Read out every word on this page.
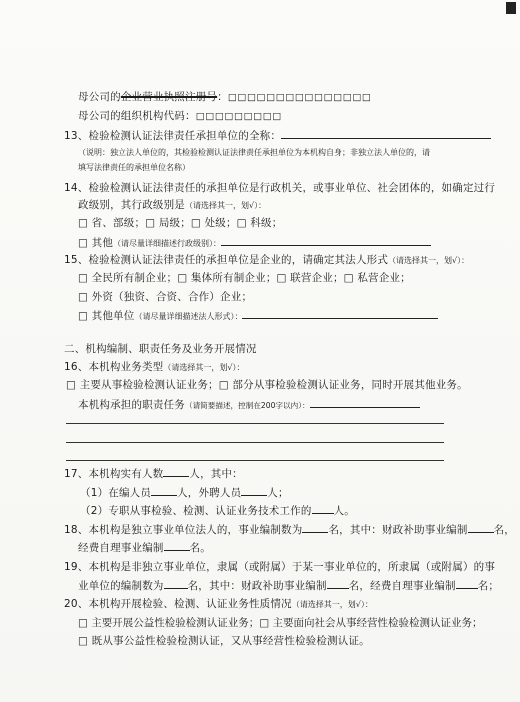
母公司的企业营业执照注册号：□□□□□□□□□□□□□□□
母公司的组织机构代码：□□□□□□□□□
13、检验检测认证法律责任承担单位的全称：
（说明：独立法人单位的，其检验检测认证法律责任承担单位为本机构自身；非独立法人单位的，请
填写法律责任的承担单位名称）
14、检验检测认证法律责任的承担单位是行政机关，或事业单位、社会团体的，如确定过行
政级别，其行政级别是（请选择其一，划√）：
□ 省、部级；□ 局级；□ 处级；□ 科级；
□ 其他（请尽量详细描述行政级别）：
15、检验检测认证法律责任的承担单位是企业的，请确定其法人形式（请选择其一，划√）：
□ 全民所有制企业；□ 集体所有制企业；□ 联营企业；□ 私营企业；
□ 外资（独资、合资、合作）企业；
□ 其他单位（请尽量详细描述法人形式）：
二、机构编制、职责任务及业务开展情况
16、本机构业务类型（请选择其一，划√）：
□ 主要从事检验检测认证业务；□ 部分从事检验检测认证业务，同时开展其他业务。
本机构承担的职责任务（请简要描述，控制在200字以内）：
17、本机构实有人数 人，其中：
（1）在编人员 人，外聘人员 人；
（2）专职从事检验、检测、认证业务技术工作的 人。
18、本机构是独立事业单位法人的，事业编制数为 名，其中：财政补助事业编制 名，
经费自理事业编制 名。
19、本机构是非独立事业单位，隶属（或附属）于某一事业单位的，所隶属（或附属）的事
业单位的编制数为 名，其中：财政补助事业编制 名，经费自理事业编制 名；
20、本机构开展检验、检测、认证业务性质情况（请选择其一，划√）：
□ 主要开展公益性检验检测认证业务；□ 主要面向社会从事经营性检验检测认证业务；
□ 既从事公益性检验检测认证，又从事经营性检验检测认证。
